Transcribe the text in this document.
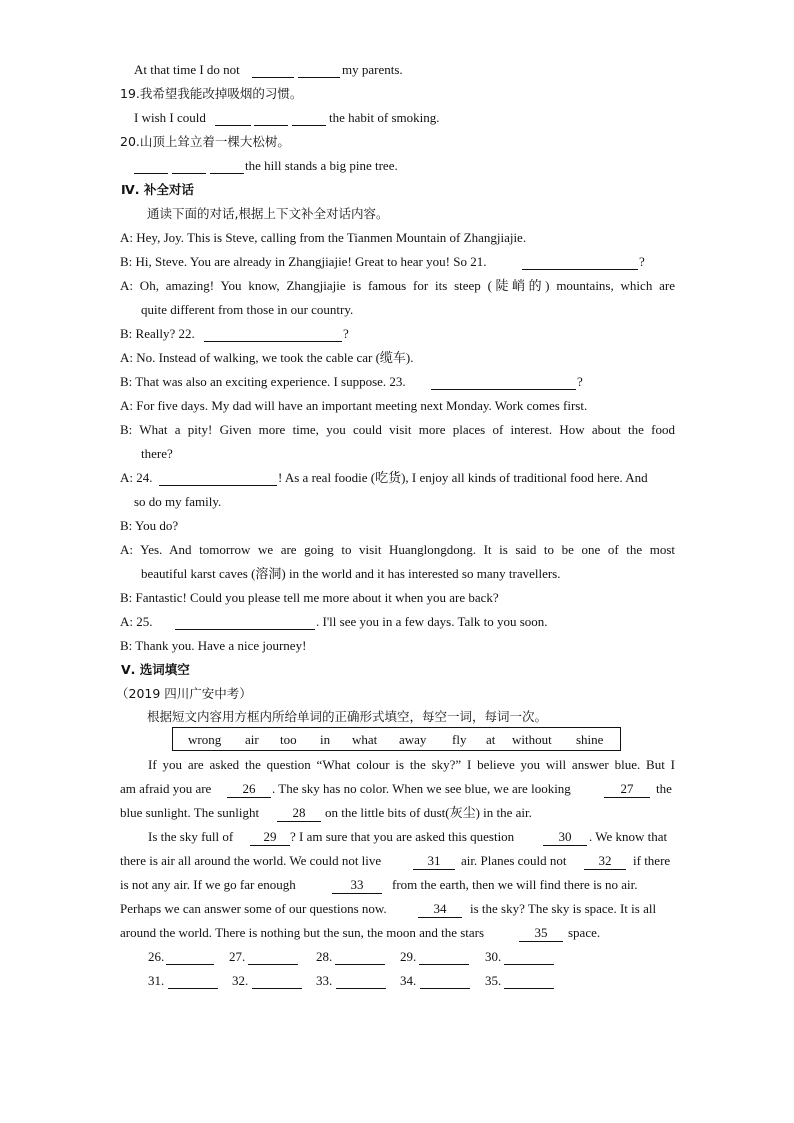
At that time I do not	my parents.
19.我希望我能改掉吸烟的习惯。
I wish I could	the habit of smoking.
20.山顶上耸立着一棵大松树。
the hill stands a big pine tree.
Ⅳ. 补全对话
通读下面的对话,根据上下文补全对话内容。
A: Hey, Joy. This is Steve, calling from the Tianmen Mountain of Zhangjiajie.
B: Hi, Steve. You are already in Zhangjiajie! Great to hear you! So 21.	?
A: Oh, amazing! You know, Zhangjiajie is famous for its steep (陡峭的) mountains, which are
quite different from those in our country.
B: Really? 22.	?
A: No. Instead of walking, we took the cable car (缆车).
B: That was also an exciting experience. I suppose. 23.	?
A: For five days. My dad will have an important meeting next Monday. Work comes first.
B: What a pity! Given more time, you could visit more places of interest. How about the food
there?
A: 24.	! As a real foodie (吃货), I enjoy all kinds of traditional food here. And
so do my family.
B: You do?
A: Yes. And tomorrow we are going to visit Huanglongdong. It is said to be one of the most
beautiful karst caves (溶洞) in the world and it has interested so many travellers.
B: Fantastic! Could you please tell me more about it when you are back?
A: 25.	. I'll see you in a few days. Talk to you soon.
B: Thank you. Have a nice journey!
Ⅴ. 选词填空
（2019 四川广安中考）
根据短文内容用方框内所给单词的正确形式填空，每空一词，每词一次。
wrong air too in what away fly at without shine
If you are asked the question “What colour is the sky?” I believe you will answer blue. But I
am afraid you are	26	. The sky has no color. When we see blue, we are looking	27	the
blue sunlight. The sunlight	28	on the little bits of dust(灰尘) in the air.
Is the sky full of	29	? I am sure that you are asked this question	30	. We know that
there is air all around the world. We could not live	31	air. Planes could not	32	if there
is not any air. If we go far enough	33	from the earth, then we will find there is no air.
Perhaps we can answer some of our questions now.	34	is the sky? The sky is space. It is all
around the world. There is nothing but the sun, the moon and the stars	35	space.
26.	27.	28.	29.	30.
31.	32.	33.	34.	35.
